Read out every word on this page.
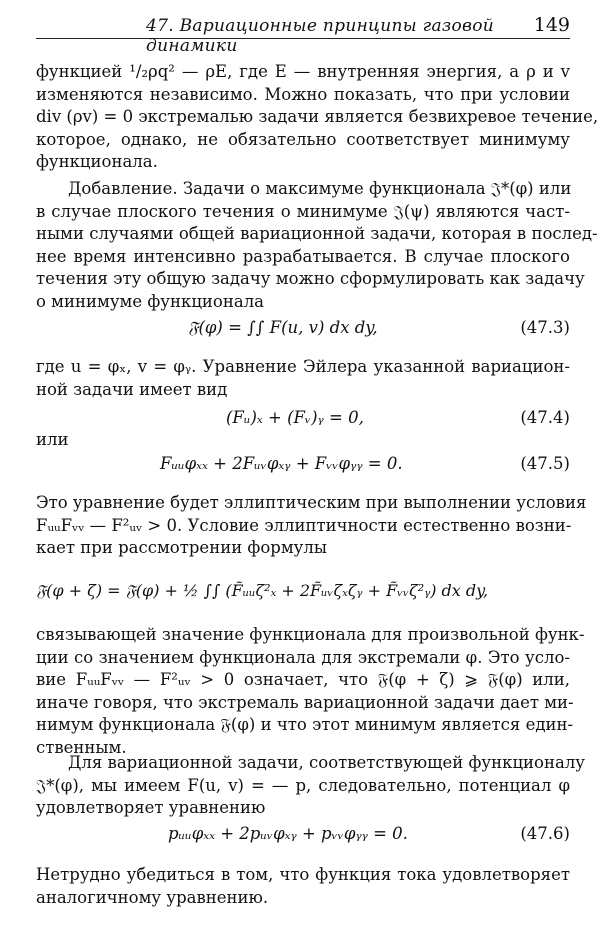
47. Вариационные принципы газовой динамики
149
функцией ¹/₂ρq² — ρE, где E — внутренняя энергия, а ρ и v
изменяются независимо. Можно показать, что при условии
div (ρv) = 0 экстремалью задачи является безвихревое течение,
которое, однако, не обязательно соответствует минимуму
функционала.
Добавление. Задачи о максимуме функционала 𝔍*(φ) или
в случае плоского течения о минимуме 𝔍(ψ) являются част-
ными случаями общей вариационной задачи, которая в послед-
нее время интенсивно разрабатывается. В случае плоского
течения эту общую задачу можно сформулировать как задачу
о минимуме функционала
𝔉(φ) = ∫∫ F(u, v) dx dy,	(47.3)
где u = φₓ, v = φᵧ. Уравнение Эйлера указанной вариацион-
ной задачи имеет вид
(Fᵤ)ₓ + (Fᵥ)ᵧ = 0,	(47.4)
или
Fᵤᵤφₓₓ + 2Fᵤᵥφₓᵧ + Fᵥᵥφᵧᵧ = 0.	(47.5)
Это уравнение будет эллиптическим при выполнении условия
FᵤᵤFᵥᵥ — F²ᵤᵥ > 0. Условие эллиптичности естественно возни-
кает при рассмотрении формулы
𝔉(φ + ζ) = 𝔉(φ) + ½ ∫∫ (F̃ᵤᵤζ²ₓ + 2F̃ᵤᵥζₓζᵧ + F̃ᵥᵥζ²ᵧ) dx dy,
связывающей значение функционала для произвольной функ-
ции со значением функционала для экстремали φ. Это усло-
вие FᵤᵤFᵥᵥ — F²ᵤᵥ > 0 означает, что 𝔉(φ + ζ) ⩾ 𝔉(φ) или,
иначе говоря, что экстремаль вариационной задачи дает ми-
нимум функционала 𝔉(φ) и что этот минимум является един-
ственным.
Для вариационной задачи, соответствующей функционалу
𝔍*(φ), мы имеем F(u, v) = — p, следовательно, потенциал φ
удовлетворяет уравнению
pᵤᵤφₓₓ + 2pᵤᵥφₓᵧ + pᵥᵥφᵧᵧ = 0.	(47.6)
Нетрудно убедиться в том, что функция тока удовлетворяет
аналогичному уравнению.
